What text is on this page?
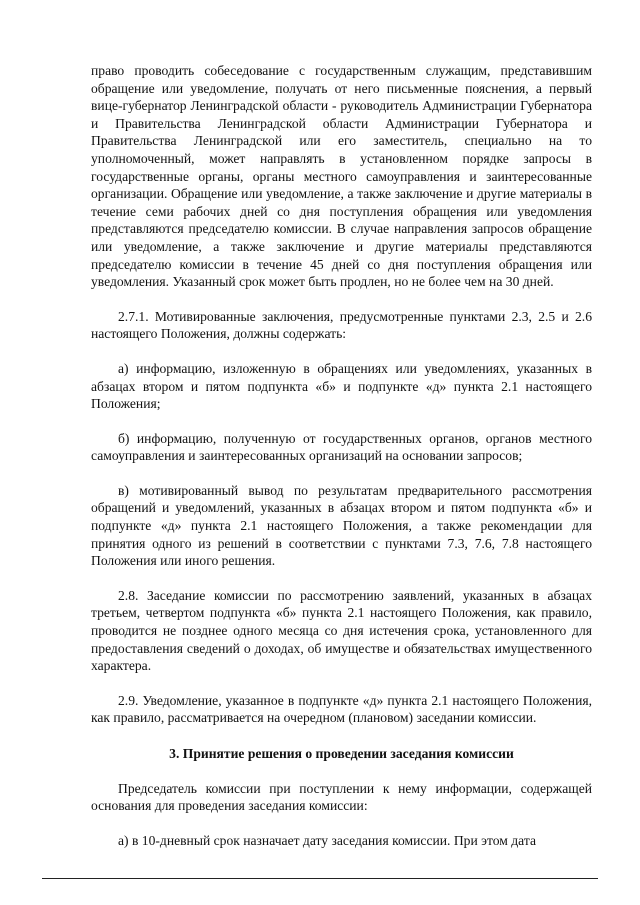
право проводить собеседование с государственным служащим, представившим обращение или уведомление, получать от него письменные пояснения, а первый вице-губернатор Ленинградской области - руководитель Администрации Губернатора и Правительства Ленинградской области Администрации Губернатора и Правительства Ленинградской или его заместитель, специально на то уполномоченный, может направлять в установленном порядке запросы в государственные органы, органы местного самоуправления и заинтересованные организации. Обращение или уведомление, а также заключение и другие материалы в течение семи рабочих дней со дня поступления обращения или уведомления представляются председателю комиссии. В случае направления запросов обращение или уведомление, а также заключение и другие материалы представляются председателю комиссии в течение 45 дней со дня поступления обращения или уведомления. Указанный срок может быть продлен, но не более чем на 30 дней.

2.7.1. Мотивированные заключения, предусмотренные пунктами 2.3, 2.5 и 2.6 настоящего Положения, должны содержать:

а) информацию, изложенную в обращениях или уведомлениях, указанных в абзацах втором и пятом подпункта «б» и подпункте «д» пункта 2.1 настоящего Положения;

б) информацию, полученную от государственных органов, органов местного самоуправления и заинтересованных организаций на основании запросов;

в) мотивированный вывод по результатам предварительного рассмотрения обращений и уведомлений, указанных в абзацах втором и пятом подпункта «б» и подпункте «д» пункта 2.1 настоящего Положения, а также рекомендации для принятия одного из решений в соответствии с пунктами 7.3, 7.6, 7.8 настоящего Положения или иного решения.

2.8. Заседание комиссии по рассмотрению заявлений, указанных в абзацах третьем, четвертом подпункта «б» пункта 2.1 настоящего Положения, как правило, проводится не позднее одного месяца со дня истечения срока, установленного для предоставления сведений о доходах, об имуществе и обязательствах имущественного характера.

2.9. Уведомление, указанное в подпункте «д» пункта 2.1 настоящего Положения, как правило, рассматривается на очередном (плановом) заседании комиссии.

3. Принятие решения о проведении заседания комиссии

Председатель комиссии при поступлении к нему информации, содержащей основания для проведения заседания комиссии:

а) в 10-дневный срок назначает дату заседания комиссии. При этом дата
